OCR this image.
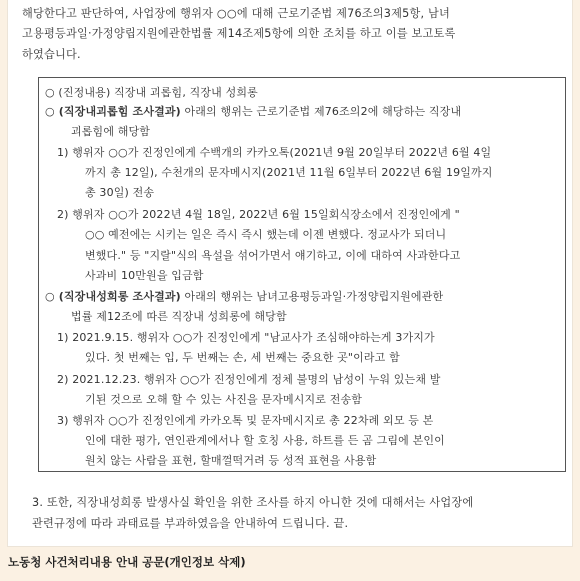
해당한다고 판단하여, 사업장에 행위자 ○○에 대해 근로기준법 제76조의3제5항, 남녀
고용평등과일·가정양립지원에관한법률 제14조제5항에 의한 조치를 하고 이를 보고토록
하였습니다.
○ (진정내용) 직장내 괴롭힘, 직장내 성희롱
○ (직장내괴롭힘 조사결과) 아래의 행위는 근로기준법 제76조의2에 해당하는 직장내
괴롭힘에 해당함
1) 행위자 ○○가 진정인에게 수백개의 카카오톡(2021년 9월 20일부터 2022년 6월 4일
까지 총 12일), 수천개의 문자메시지(2021년 11월 6일부터 2022년 6월 19일까지
총 30일) 전송
2) 행위자 ○○가 2022년 4월 18일, 2022년 6월 15일회식장소에서 진정인에게 "
○○ 예전에는 시키는 일은 즉시 즉시 했는데 이젠 변했다. 정교사가 되더니
변했다." 등 "지랄"식의 욕설을 섞어가면서 얘기하고, 이에 대하여 사과한다고
사과비 10만원을 입금함
○ (직장내성희롱 조사결과) 아래의 행위는 남녀고용평등과일·가정양립지원에관한
법률 제12조에 따른 직장내 성희롱에 해당함
1) 2021.9.15. 행위자 ○○가 진정인에게 "남교사가 조심해야하는게 3가지가
있다. 첫 번째는 입, 두 번째는 손, 세 번째는 중요한 곳"이라고 함
2) 2021.12.23. 행위자 ○○가 진정인에게 정체 불명의 남성이 누워 있는채 발
기된 것으로 오해 할 수 있는 사진을 문자메시지로 전송함
3) 행위자 ○○가 진정인에게 카카오톡 및 문자메시지로 총 22차례 외모 등 본
인에 대한 평가, 연인관계에서나 할 호칭 사용, 하트를 든 곰 그림에 본인이
원치 않는 사람을 표현, 할매껄떡거려 등 성적 표현을 사용함
3. 또한, 직장내성희롱 발생사실 확인을 위한 조사를 하지 아니한 것에 대해서는 사업장에
관련규정에 따라 과태료를 부과하였음을 안내하여 드립니다. 끝.
노동청 사건처리내용 안내 공문(개인정보 삭제)
